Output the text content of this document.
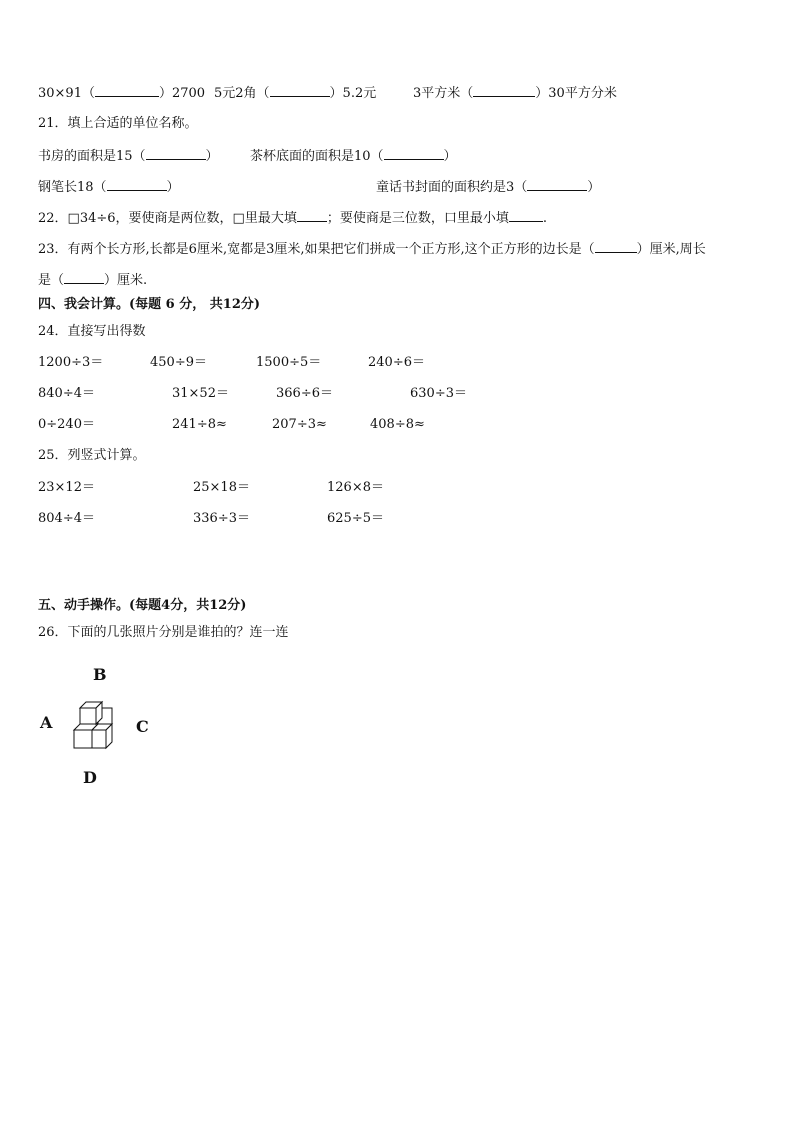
30×91（	）2700 5元2角（	）5.2元	3平方米（	）30平方分米
21．填上合适的单位名称。
书房的面积是15（	） 茶杯底面的面积是10（	）
钢笔长18（	）	童话书封面的面积约是3（	）
22．□34÷6，要使商是两位数，□里最大填 ；要使商是三位数，口里最小填	.
23．有两个长方形,长都是6厘米,宽都是3厘米,如果把它们拼成一个正方形,这个正方形的边长是（	）厘米,周长
是（	）厘米.
四、我会计算。(每题 6 分， 共12分)
24．直接写出得数
1200÷3＝	450÷9＝	1500÷5＝	240÷6＝
840÷4＝	31×52＝	366÷6＝	630÷3＝
0÷240＝	241÷8≈	207÷3≈	408÷8≈
25．列竖式计算。
23×12＝	25×18＝	126×8＝
804÷4＝	336÷3＝	625÷5＝
五、动手操作。(每题4分，共12分)
26．下面的几张照片分别是谁拍的？连一连
B
A	C
D
